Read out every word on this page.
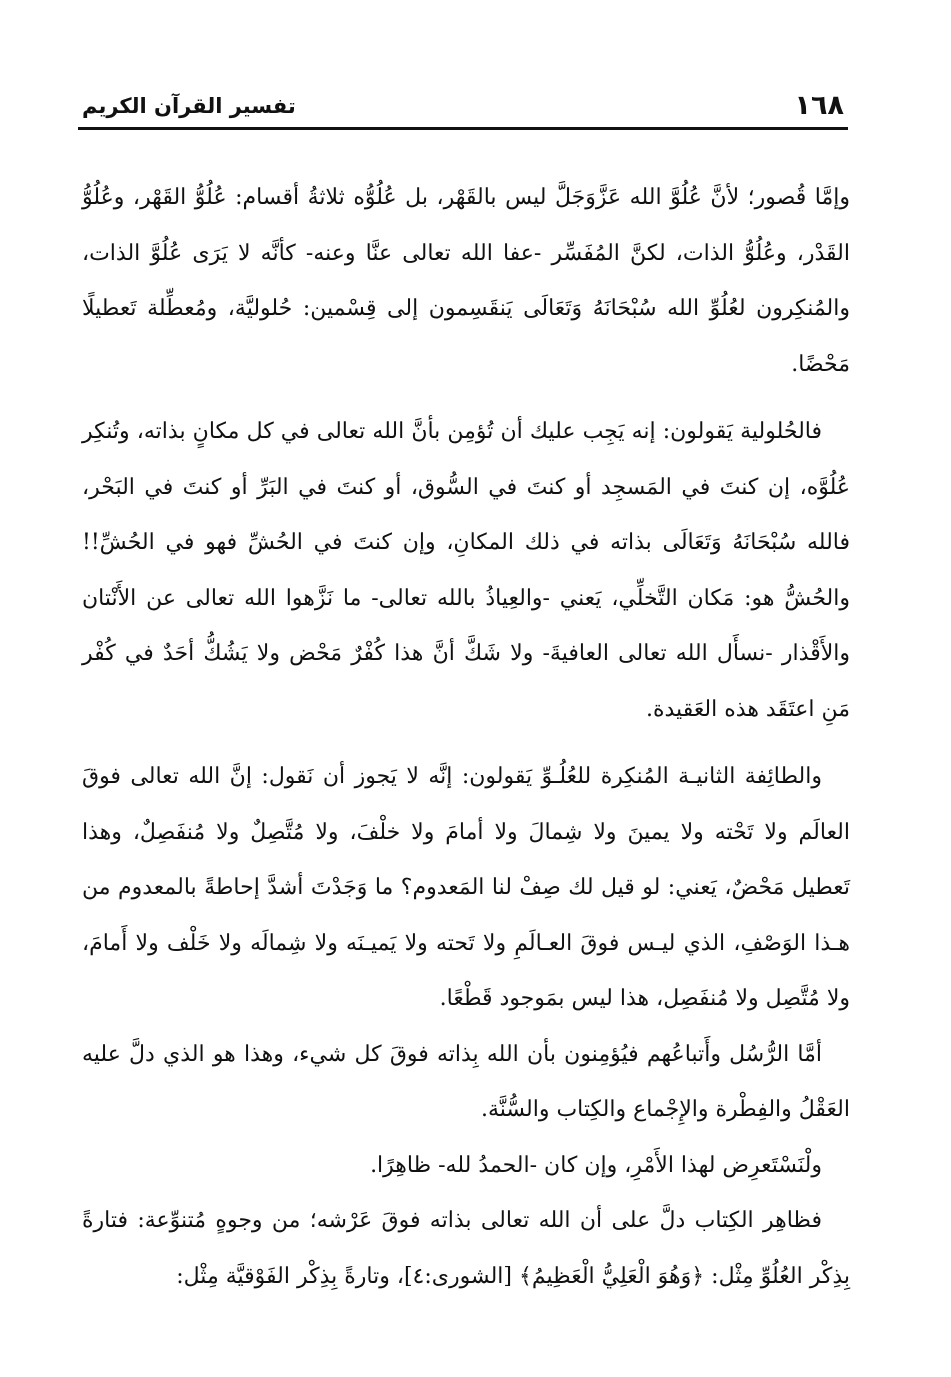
١٦٨
تفسير القرآن الكريم

وإمَّا قُصور؛ لأنَّ عُلُوَّ الله عَزَّوَجَلَّ ليس بالقَهْر، بل عُلُوُّه ثلاثةُ أقسام: عُلُوُّ القَهْر، وعُلُوُّ القَدْر، وعُلُوُّ الذات، لكنَّ المُفَسِّر -عفا الله تعالى عنَّا وعنه- كأنَّه لا يَرَى عُلُوَّ الذات، والمُنكِرون لعُلُوِّ الله سُبْحَانَهُ وَتَعَالَى يَنقَسِمون إلى قِسْمين: حُلوليَّة، ومُعطِّلة تَعطيلًا مَحْضًا.

فالحُلولية يَقولون: إنه يَجِب عليك أن تُؤمِن بأنَّ الله تعالى في كل مكانٍ بذاته، وتُنكِر عُلُوَّه، إن كنتَ في المَسجِد أو كنتَ في السُّوق، أو كنتَ في البَرِّ أو كنتَ في البَحْر، فالله سُبْحَانَهُ وَتَعَالَى بذاته في ذلك المكانِ، وإن كنتَ في الحُشِّ فهو في الحُشِّ!! والحُشُّ هو: مَكان التَّخلِّي، يَعني -والعِياذُ بالله تعالى- ما نَزَّهوا الله تعالى عن الأَنْتان والأَقْذار -نسأَل الله تعالى العافيةَ- ولا شَكَّ أنَّ هذا كُفْرٌ مَحْض ولا يَشُكُّ أحَدٌ في كُفْر مَنِ اعتَقَد هذه العَقيدة.

والطائِفة الثانيـة المُنكِرة للعُلُـوِّ يَقولون: إنَّه لا يَجوز أن نَقول: إنَّ الله تعالى فوقَ العالَم ولا تَحْته ولا يمينَ ولا شِمالَ ولا أمامَ ولا خلْفَ، ولا مُتَّصِلٌ ولا مُنفَصِلٌ، وهذا تَعطيل مَحْضٌ، يَعني: لو قيل لك صِفْ لنا المَعدوم؟ ما وَجَدْتَ أشدَّ إحاطةً بالمعدوم من هـذا الوَصْفِ، الذي ليـس فوقَ العـالَمِ ولا تَحته ولا يَميـنَه ولا شِمالَه ولا خَلْف ولا أَمامَ، ولا مُتَّصِل ولا مُنفَصِل، هذا ليس بمَوجود قَطْعًا.

أمَّا الرُّسُل وأَتباعُهم فيُؤمِنون بأن الله بِذاته فوقَ كل شيء، وهذا هو الذي دلَّ عليه العَقْلُ والفِطْرة والإِجْماع والكِتاب والسُّنَّة.

ولْنَسْتَعرِض لهذا الأَمْرِ، وإن كان -الحمدُ لله- ظاهِرًا.

فظاهِر الكِتاب دلَّ على أن الله تعالى بذاته فوقَ عَرْشه؛ من وجوهٍ مُتنوِّعة: فتارةً بِذِكْر العُلُوِّ مِثْل: ﴿وَهُوَ الْعَلِيُّ الْعَظِيمُ﴾ [الشورى:٤]، وتارةً بِذِكْر الفَوْقيَّة مِثْل:
